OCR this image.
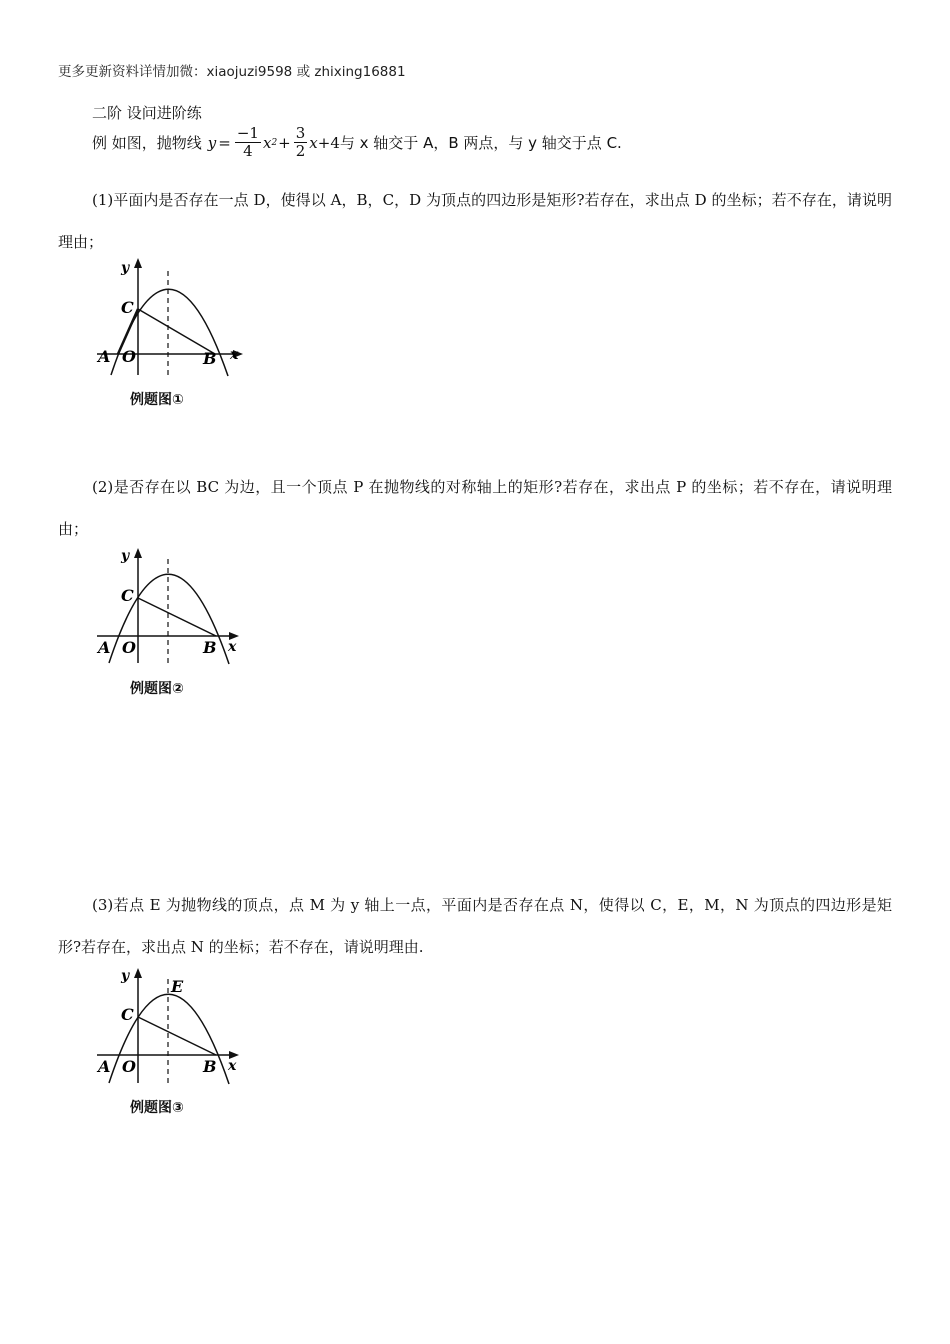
更多更新资料详情加微：xiaojuzi9598 或 zhixing16881
二阶 设问进阶练
例 如图，抛物线 $y = \frac{-1}{4}$ x $2 + \frac{3}{2}$ x +4 与 x 轴交于 A，B 两点，与 y 轴交于点 C.
(1)平面内是否存在一点 D，使得以 A，B，C，D 为顶点的四边形是矩形?若存在，求出点 D 的坐标；若不存在，请说明理由；
y
x
C
A O	B
例题图①
(2)是否存在以 BC 为边，且一个顶点 P 在抛物线的对称轴上的矩形?若存在，求出点 P 的坐标；若不存在，请说明理由；
y
x
C
A O	B
例题图②
(3)若点 E 为抛物线的顶点，点 M 为 y 轴上一点，平面内是否存在点 N，使得以 C，E，M，N 为顶点的四边形是矩形?若存在，求出点 N 的坐标；若不存在，请说明理由.
y
x
C
E
A O	B
例题图③
